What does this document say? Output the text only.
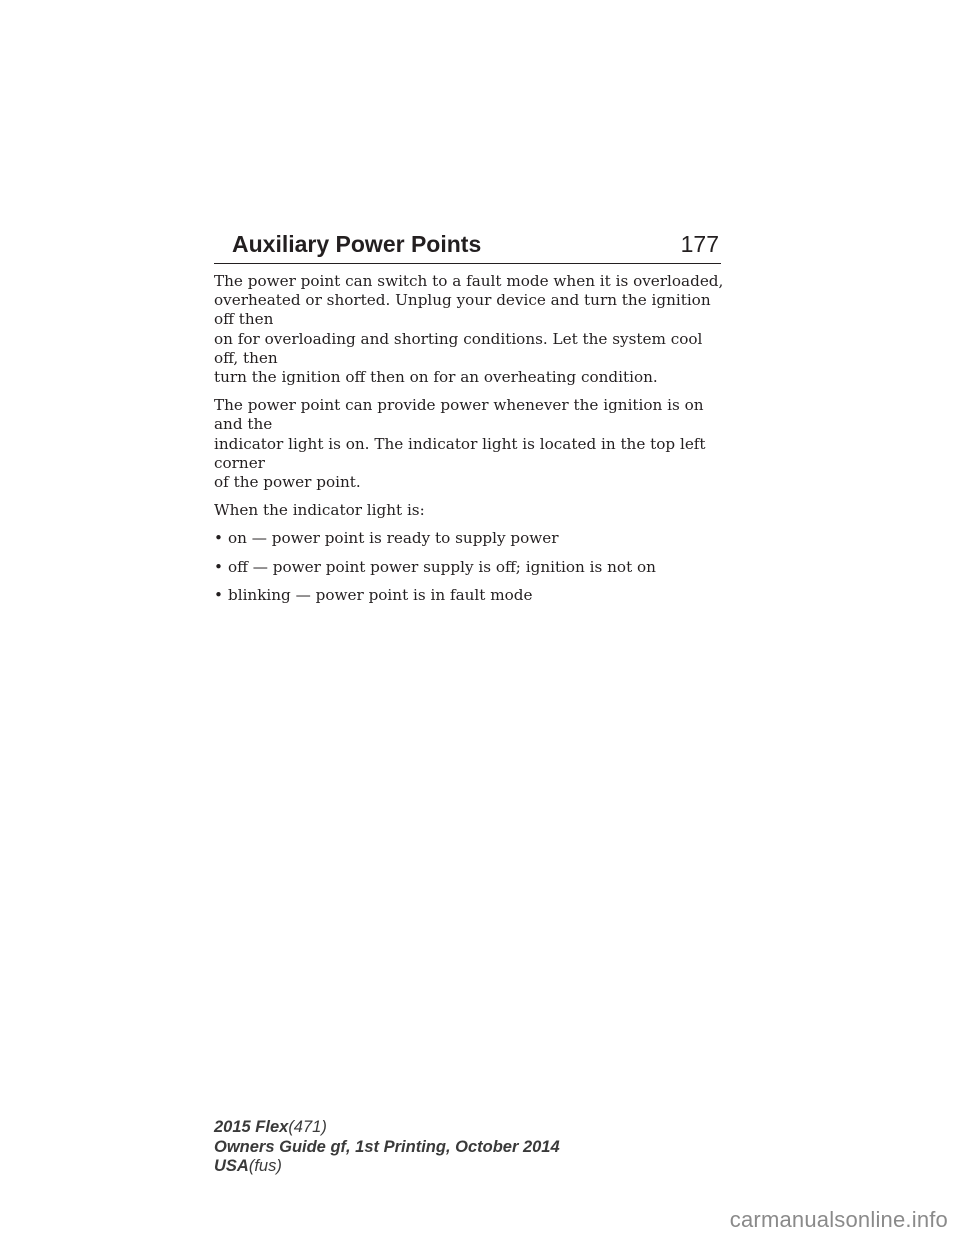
Auxiliary Power Points	177

The power point can switch to a fault mode when it is overloaded,
overheated or shorted. Unplug your device and turn the ignition off then
on for overloading and shorting conditions. Let the system cool off, then
turn the ignition off then on for an overheating condition.

The power point can provide power whenever the ignition is on and the
indicator light is on. The indicator light is located in the top left corner
of the power point.

When the indicator light is:

• on — power point is ready to supply power
• off — power point power supply is off; ignition is not on
• blinking — power point is in fault mode
2015 Flex(471)
Owners Guide gf, 1st Printing, October 2014
USA(fus)
carmanualsonline.info
